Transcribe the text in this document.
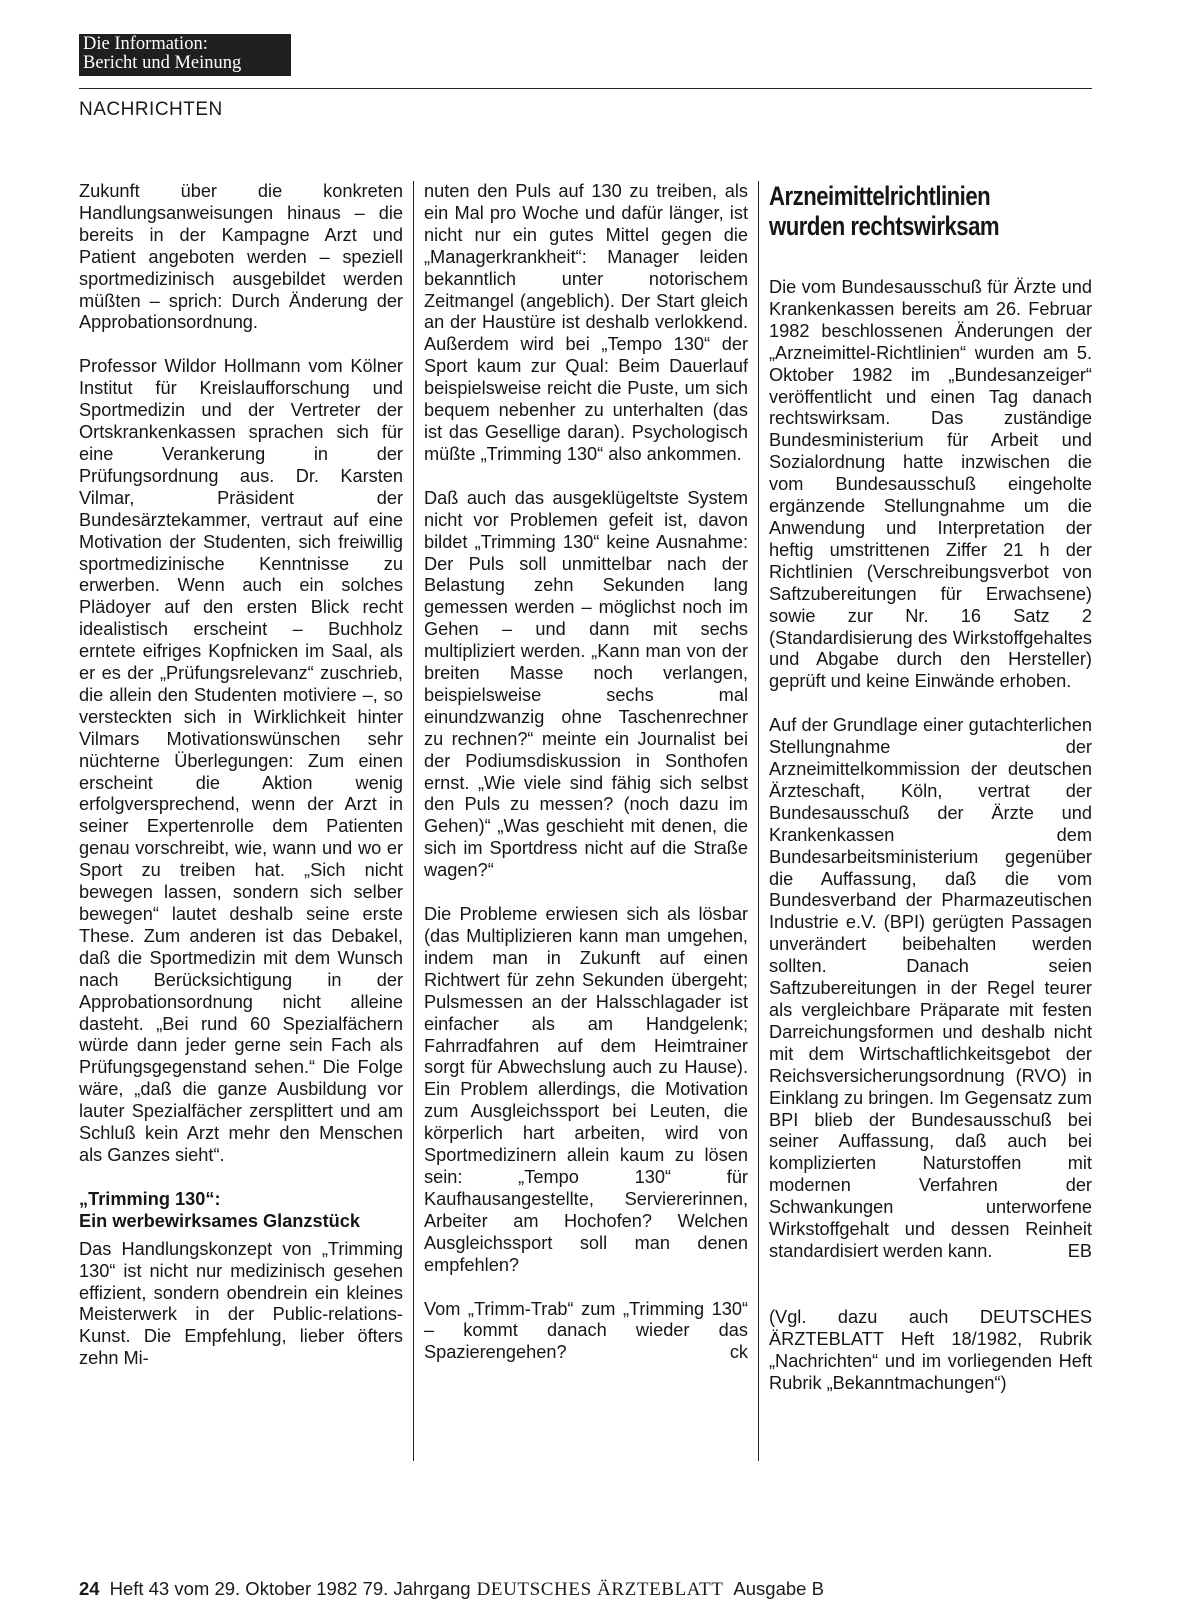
Die Information:
Bericht und Meinung
NACHRICHTEN

Zukunft über die konkreten Handlungsanweisungen hinaus – die bereits in der Kampagne Arzt und Patient angeboten werden – speziell sportmedizinisch ausgebildet werden müßten – sprich: Durch Änderung der Approbationsordnung.

Professor Wildor Hollmann vom Kölner Institut für Kreislaufforschung und Sportmedizin und der Vertreter der Ortskrankenkassen sprachen sich für eine Verankerung in der Prüfungsordnung aus. Dr. Karsten Vilmar, Präsident der Bundesärztekammer, vertraut auf eine Motivation der Studenten, sich freiwillig sportmedizinische Kenntnisse zu erwerben. Wenn auch ein solches Plädoyer auf den ersten Blick recht idealistisch erscheint – Buchholz erntete eifriges Kopfnicken im Saal, als er es der „Prüfungsrelevanz“ zuschrieb, die allein den Studenten motiviere –, so versteckten sich in Wirklichkeit hinter Vilmars Motivationswünschen sehr nüchterne Überlegungen: Zum einen erscheint die Aktion wenig erfolgversprechend, wenn der Arzt in seiner Expertenrolle dem Patienten genau vorschreibt, wie, wann und wo er Sport zu treiben hat. „Sich nicht bewegen lassen, sondern sich selber bewegen“ lautet deshalb seine erste These. Zum anderen ist das Debakel, daß die Sportmedizin mit dem Wunsch nach Berücksichtigung in der Approbationsordnung nicht alleine dasteht. „Bei rund 60 Spezialfächern würde dann jeder gerne sein Fach als Prüfungsgegenstand sehen.“ Die Folge wäre, „daß die ganze Ausbildung vor lauter Spezialfächer zersplittert und am Schluß kein Arzt mehr den Menschen als Ganzes sieht“.

„Trimming 130“:
Ein werbewirksames Glanzstück

Das Handlungskonzept von „Trimming 130“ ist nicht nur medizinisch gesehen effizient, sondern obendrein ein kleines Meisterwerk in der Public-relations-Kunst. Die Empfehlung, lieber öfters zehn Mi-

nuten den Puls auf 130 zu treiben, als ein Mal pro Woche und dafür länger, ist nicht nur ein gutes Mittel gegen die „Managerkrankheit“: Manager leiden bekanntlich unter notorischem Zeitmangel (angeblich). Der Start gleich an der Haustüre ist deshalb verlokkend. Außerdem wird bei „Tempo 130“ der Sport kaum zur Qual: Beim Dauerlauf beispielsweise reicht die Puste, um sich bequem nebenher zu unterhalten (das ist das Gesellige daran). Psychologisch müßte „Trimming 130“ also ankommen.

Daß auch das ausgeklügeltste System nicht vor Problemen gefeit ist, davon bildet „Trimming 130“ keine Ausnahme: Der Puls soll unmittelbar nach der Belastung zehn Sekunden lang gemessen werden – möglichst noch im Gehen – und dann mit sechs multipliziert werden. „Kann man von der breiten Masse noch verlangen, beispielsweise sechs mal einundzwanzig ohne Taschenrechner zu rechnen?“ meinte ein Journalist bei der Podiumsdiskussion in Sonthofen ernst. „Wie viele sind fähig sich selbst den Puls zu messen? (noch dazu im Gehen)“ „Was geschieht mit denen, die sich im Sportdress nicht auf die Straße wagen?“

Die Probleme erwiesen sich als lösbar (das Multiplizieren kann man umgehen, indem man in Zukunft auf einen Richtwert für zehn Sekunden übergeht; Pulsmessen an der Halsschlagader ist einfacher als am Handgelenk; Fahrradfahren auf dem Heimtrainer sorgt für Abwechslung auch zu Hause). Ein Problem allerdings, die Motivation zum Ausgleichssport bei Leuten, die körperlich hart arbeiten, wird von Sportmedizinern allein kaum zu lösen sein: „Tempo 130“ für Kaufhausangestellte, Serviererinnen, Arbeiter am Hochofen? Welchen Ausgleichssport soll man denen empfehlen?

Vom „Trimm-Trab“ zum „Trimming 130“ – kommt danach wieder das Spazierengehen?	ck

Arzneimittelrichtlinien
wurden rechtswirksam

Die vom Bundesausschuß für Ärzte und Krankenkassen bereits am 26. Februar 1982 beschlossenen Änderungen der „Arzneimittel-Richtlinien“ wurden am 5. Oktober 1982 im „Bundesanzeiger“ veröffentlicht und einen Tag danach rechtswirksam. Das zuständige Bundesministerium für Arbeit und Sozialordnung hatte inzwischen die vom Bundesausschuß eingeholte ergänzende Stellungnahme um die Anwendung und Interpretation der heftig umstrittenen Ziffer 21 h der Richtlinien (Verschreibungsverbot von Saftzubereitungen für Erwachsene) sowie zur Nr. 16 Satz 2 (Standardisierung des Wirkstoffgehaltes und Abgabe durch den Hersteller) geprüft und keine Einwände erhoben.

Auf der Grundlage einer gutachterlichen Stellungnahme der Arzneimittelkommission der deutschen Ärzteschaft, Köln, vertrat der Bundesausschuß der Ärzte und Krankenkassen dem Bundesarbeitsministerium gegenüber die Auffassung, daß die vom Bundesverband der Pharmazeutischen Industrie e.V. (BPI) gerügten Passagen unverändert beibehalten werden sollten. Danach seien Saftzubereitungen in der Regel teurer als vergleichbare Präparate mit festen Darreichungsformen und deshalb nicht mit dem Wirtschaftlichkeitsgebot der Reichsversicherungsordnung (RVO) in Einklang zu bringen. Im Gegensatz zum BPI blieb der Bundesausschuß bei seiner Auffassung, daß auch bei komplizierten Naturstoffen mit modernen Verfahren der Schwankungen unterworfene Wirkstoffgehalt und dessen Reinheit standardisiert werden kann.	EB

(Vgl. dazu auch DEUTSCHES ÄRZTEBLATT Heft 18/1982, Rubrik „Nachrichten“ und im vorliegenden Heft Rubrik „Bekanntmachungen“)

24 Heft 43 vom 29. Oktober 1982 79. Jahrgang DEUTSCHES ÄRZTEBLATT Ausgabe B
